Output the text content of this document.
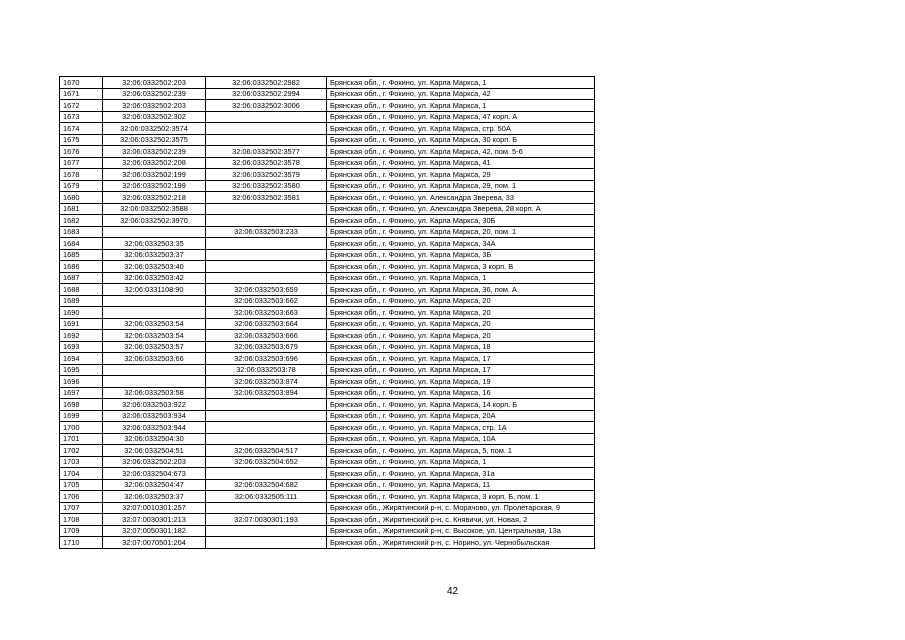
1670	32:06:0332502:203	32:06:0332502:2982	Брянская обл., г. Фокино, ул. Карла Маркса, 1
1671	32:06:0332502:239	32:06:0332502:2994	Брянская обл., г. Фокино, ул. Карла Маркса, 42
1672	32:06:0332502:203	32:06:0332502:3006	Брянская обл., г. Фокино, ул. Карла Маркса, 1
1673	32:06:0332502:302		Брянская обл., г. Фокино, ул. Карла Маркса, 47 корп. А
1674	32:06:0332502:3574		Брянская обл., г. Фокино, ул. Карла Маркса, стр. 50А
1675	32:06:0332502:3575		Брянская обл., г. Фокино, ул. Карла Маркса, 30 корп. Б
1676	32:06:0332502:239	32:06:0332502:3577	Брянская обл., г. Фокино, ул. Карла Маркса, 42, пом. 5-6
1677	32:06:0332502:208	32:06:0332502:3578	Брянская обл., г. Фокино, ул. Карла Маркса, 41
1678	32:06:0332502:199	32:06:0332502:3579	Брянская обл., г. Фокино, ул. Карла Маркса, 29
1679	32:06:0332502:199	32:06:0332502:3580	Брянская обл., г. Фокино, ул. Карла Маркса, 29, пом. 1
1680	32:06:0332502:218	32:06:0332502:3581	Брянская обл., г. Фокино, ул. Александра Зверева, 33
1681	32:06:0332502:3588		Брянская обл., г. Фокино, ул. Александра Зверева, 28 корп. А
1682	32:06:0332502:3970		Брянская обл., г. Фокино, ул. Карла Маркса, 30Б
1683		32:06:0332503:233	Брянская обл., г. Фокино, ул. Карла Маркса, 20, пом. 1
1684	32:06:0332503:35		Брянская обл., г. Фокино, ул. Карла Маркса, 34А
1685	32:06:0332503:37		Брянская обл., г. Фокино, ул. Карла Маркса, 3Б
1686	32:06:0332503:40		Брянская обл., г. Фокино, ул. Карла Маркса, 3 корп. В
1687	32:06:0332503:42		Брянская обл., г. Фокино, ул. Карла Маркса, 1
1688	32:06:0331108:90	32:06:0332503:659	Брянская обл., г. Фокино, ул. Карла Маркса, 36, пом. А
1689		32:06:0332503:662	Брянская обл., г. Фокино, ул. Карла Маркса, 20
1690		32:06:0332503:663	Брянская обл., г. Фокино, ул. Карла Маркса, 20
1691	32:06:0332503:54	32:06:0332503:664	Брянская обл., г. Фокино, ул. Карла Маркса, 20
1692	32:06:0332503:54	32:06:0332503:666	Брянская обл., г. Фокино, ул. Карла Маркса, 20
1693	32:06:0332503:57	32:06:0332503:679	Брянская обл., г. Фокино, ул. Карла Маркса, 18
1694	32:06:0332503:66	32:06:0332503:696	Брянская обл., г. Фокино, ул. Карла Маркса, 17
1695		32:06:0332503:78	Брянская обл., г. Фокино, ул. Карла Маркса, 17
1696		32:06:0332503:874	Брянская обл., г. Фокино, ул. Карла Маркса, 19
1697	32:06:0332503:58	32:06:0332503:894	Брянская обл., г. Фокино, ул. Карла Маркса, 16
1698	32:06:0332503:922		Брянская обл., г. Фокино, ул. Карла Маркса, 14 корп. Б
1699	32:06:0332503:934		Брянская обл., г. Фокино, ул. Карла Маркса, 20А
1700	32:06:0332503:944		Брянская обл., г. Фокино, ул. Карла Маркса, стр. 1А
1701	32:06:0332504:30		Брянская обл., г. Фокино, ул. Карла Маркса, 10А
1702	32:06:0332504:51	32:06:0332504:517	Брянская обл., г. Фокино, ул. Карла Маркса, 5, пом. 1
1703	32:06:0332502:203	32:06:0332504:652	Брянская обл., г. Фокино, ул. Карла Маркса, 1
1704	32:06:0332504:673		Брянская обл., г. Фокино, ул. Карла Маркса, 31а
1705	32:06:0332504:47	32:06:0332504:682	Брянская обл., г. Фокино, ул. Карла Маркса, 11
1706	32:06:0332503:37	32:06:0332505:111	Брянская обл., г. Фокино, ул. Карла Маркса, 3 корп. Б, пом. 1
1707	32:07:0010301:257		Брянская обл., Жирятинский р-н, с. Морачово, ул. Пролетарская, 9
1708	32:07:0030301:213	32:07:0030301:193	Брянская обл., Жирятинский р-н, с. Княвичи, ул. Новая, 2
1709	32:07:0050301:182		Брянская обл., Жирятинский р-н, с. Высокое, ул. Центральная, 13а
1710	32:07:0070501:204		Брянская обл., Жирятинский р-н, с. Норино, ул. Чернобыльская
42
